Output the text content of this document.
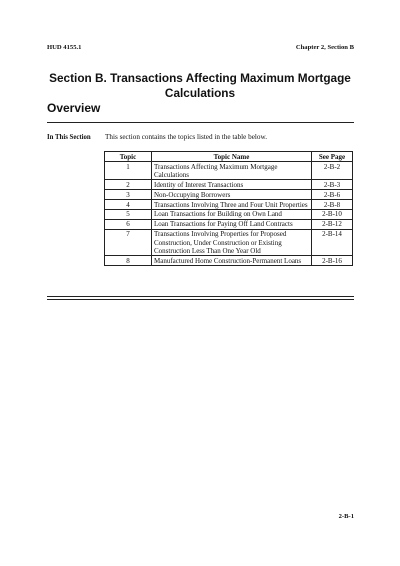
HUD 4155.1	Chapter 2, Section B
Section B. Transactions Affecting Maximum Mortgage
Calculations
Overview
In This Section This section contains the topics listed in the table below.
Topic	Topic Name	See Page
1	Transactions Affecting Maximum Mortgage Calculations	2-B-2
2	Identity of Interest Transactions	2-B-3
3	Non-Occupying Borrowers	2-B-6
4	Transactions Involving Three and Four Unit Properties	2-B-8
5	Loan Transactions for Building on Own Land	2-B-10
6	Loan Transactions for Paying Off Land Contracts	2-B-12
7	Transactions Involving Properties for Proposed Construction, Under Construction or Existing Construction Less Than One Year Old	2-B-14
8	Manufactured Home Construction-Permanent Loans	2-B-16
2-B-1
